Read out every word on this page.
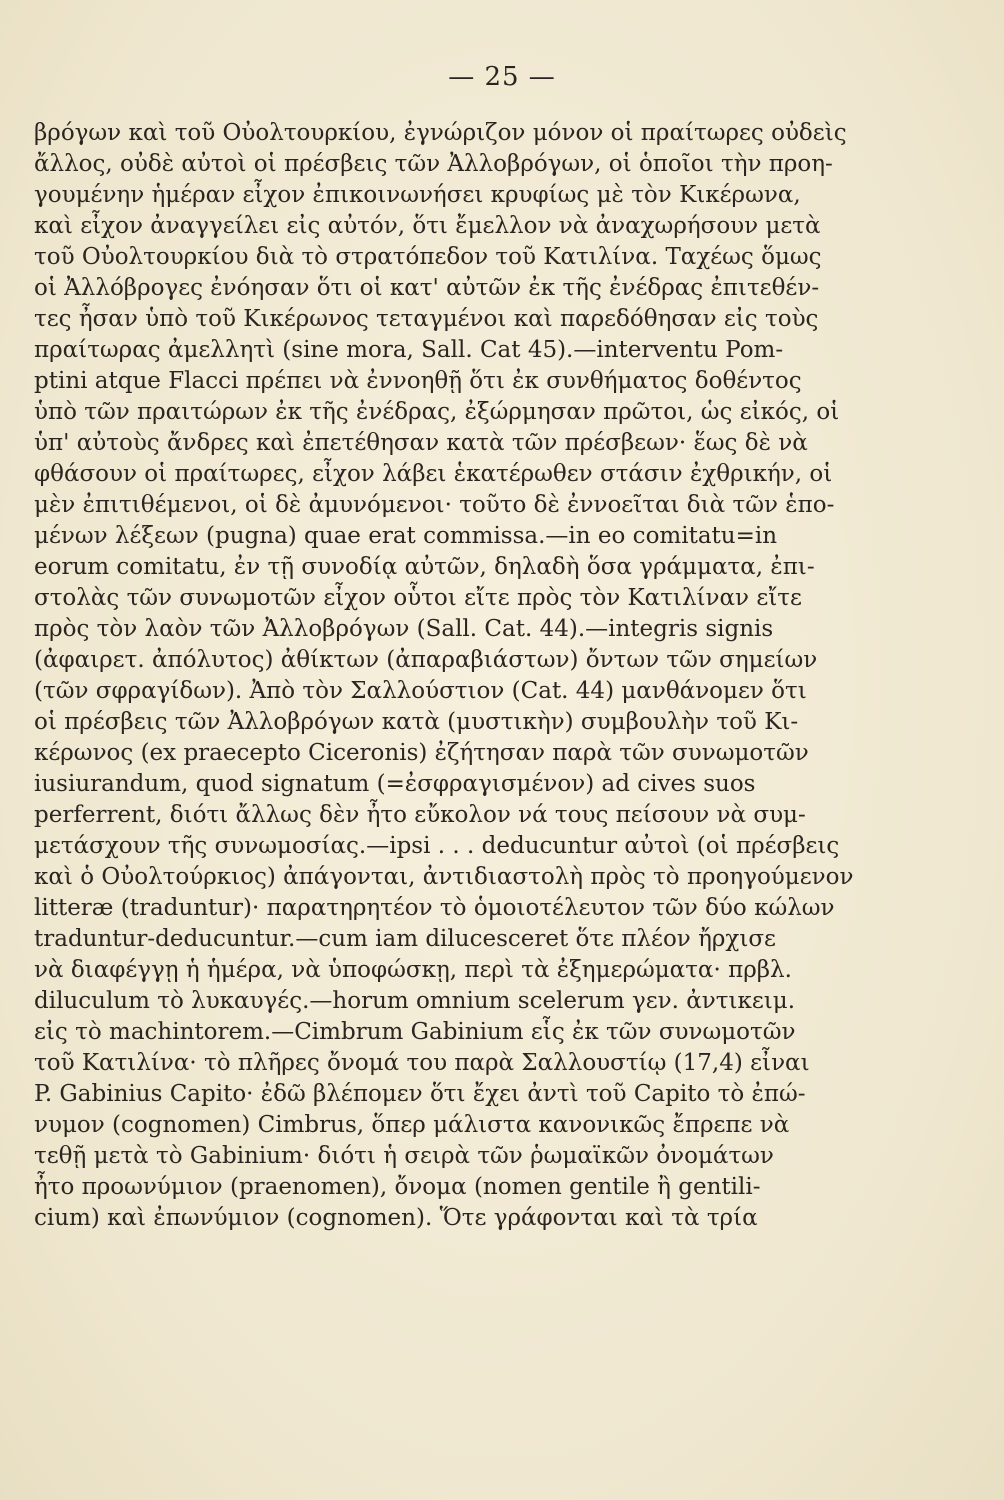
— 25 —
βρόγων καὶ τοῦ Οὐολτουρκίου, ἐγνώριζον μόνον οἱ πραίτωρες οὐδεὶς
ἄλλος, οὐδὲ αὐτοὶ οἱ πρέσβεις τῶν Ἀλλοβρόγων, οἱ ὁποῖοι τὴν προη-
γουμένην ἡμέραν εἶχον ἐπικοινωνήσει κρυφίως μὲ τὸν Κικέρωνα,
καὶ εἶχον ἀναγγείλει εἰς αὐτόν, ὅτι ἔμελλον νὰ ἀναχωρήσουν μετὰ
τοῦ Οὐολτουρκίου διὰ τὸ στρατόπεδον τοῦ Κατιλίνα. Ταχέως ὅμως
οἱ Ἀλλόβρογες ἐνόησαν ὅτι οἱ κατ' αὐτῶν ἐκ τῆς ἐνέδρας ἐπιτεθέν-
τες ἦσαν ὑπὸ τοῦ Κικέρωνος τεταγμένοι καὶ παρεδόθησαν εἰς τοὺς
πραίτωρας ἀμελλητὶ (sine mora, Sall. Cat 45).—interventu Pom-
ptini atque Flacci πρέπει νὰ ἐννοηθῇ ὅτι ἐκ συνθήματος δοθέντος
ὑπὸ τῶν πραιτώρων ἐκ τῆς ἐνέδρας, ἐξώρμησαν πρῶτοι, ὡς εἰκός, οἱ
ὑπ' αὐτοὺς ἄνδρες καὶ ἐπετέθησαν κατὰ τῶν πρέσβεων· ἕως δὲ νὰ
φθάσουν οἱ πραίτωρες, εἶχον λάβει ἑκατέρωθεν στάσιν ἐχθρικήν, οἱ
μὲν ἐπιτιθέμενοι, οἱ δὲ ἀμυνόμενοι· τοῦτο δὲ ἐννοεῖται διὰ τῶν ἑπο-
μένων λέξεων (pugna) quae erat commissa.—in eo comitatu=in
eorum comitatu, ἐν τῇ συνοδίᾳ αὐτῶν, δηλαδὴ ὅσα γράμματα, ἐπι-
στολὰς τῶν συνωμοτῶν εἶχον οὗτοι εἴτε πρὸς τὸν Κατιλίναν εἴτε
πρὸς τὸν λαὸν τῶν Ἀλλοβρόγων (Sall. Cat. 44).—integris signis
(ἀφαιρετ. ἀπόλυτος) ἀθίκτων (ἀπαραβιάστων) ὄντων τῶν σημείων
(τῶν σφραγίδων). Ἀπὸ τὸν Σαλλούστιον (Cat. 44) μανθάνομεν ὅτι
οἱ πρέσβεις τῶν Ἀλλοβρόγων κατὰ (μυστικὴν) συμβουλὴν τοῦ Κι-
κέρωνος (ex praecepto Ciceronis) ἐζήτησαν παρὰ τῶν συνωμοτῶν
iusiurandum, quod signatum (=ἐσφραγισμένον) ad cives suos
perferrent, διότι ἄλλως δὲν ἦτο εὔκολον νά τους πείσουν νὰ συμ-
μετάσχουν τῆς συνωμοσίας.—ipsi . . . deducuntur αὐτοὶ (οἱ πρέσβεις
καὶ ὁ Οὐολτούρκιος) ἀπάγονται, ἀντιδιαστολὴ πρὸς τὸ προηγούμενον
litteræ (traduntur)· παρατηρητέον τὸ ὁμοιοτέλευτον τῶν δύο κώλων
traduntur-deducuntur.—cum iam dilucesceret ὅτε πλέον ἤρχισε
νὰ διαφέγγῃ ἡ ἡμέρα, νὰ ὑποφώσκῃ, περὶ τὰ ἐξημερώματα· πρβλ.
diluculum τὸ λυκαυγές.—horum omnium scelerum γεν. ἀντικειμ.
εἰς τὸ machintorem.—Cimbrum Gabinium εἷς ἐκ τῶν συνωμοτῶν
τοῦ Κατιλίνα· τὸ πλῆρες ὄνομά του παρὰ Σαλλουστίῳ (17,4) εἶναι
P. Gabinius Capito· ἐδῶ βλέπομεν ὅτι ἔχει ἀντὶ τοῦ Capito τὸ ἐπώ-
νυμον (cognomen) Cimbrus, ὅπερ μάλιστα κανονικῶς ἔπρεπε νὰ
τεθῇ μετὰ τὸ Gabinium· διότι ἡ σειρὰ τῶν ῥωμαϊκῶν ὀνομάτων
ἦτο προωνύμιον (praenomen), ὄνομα (nomen gentile ἢ gentili-
cium) καὶ ἐπωνύμιον (cognomen). Ὅτε γράφονται καὶ τὰ τρία
